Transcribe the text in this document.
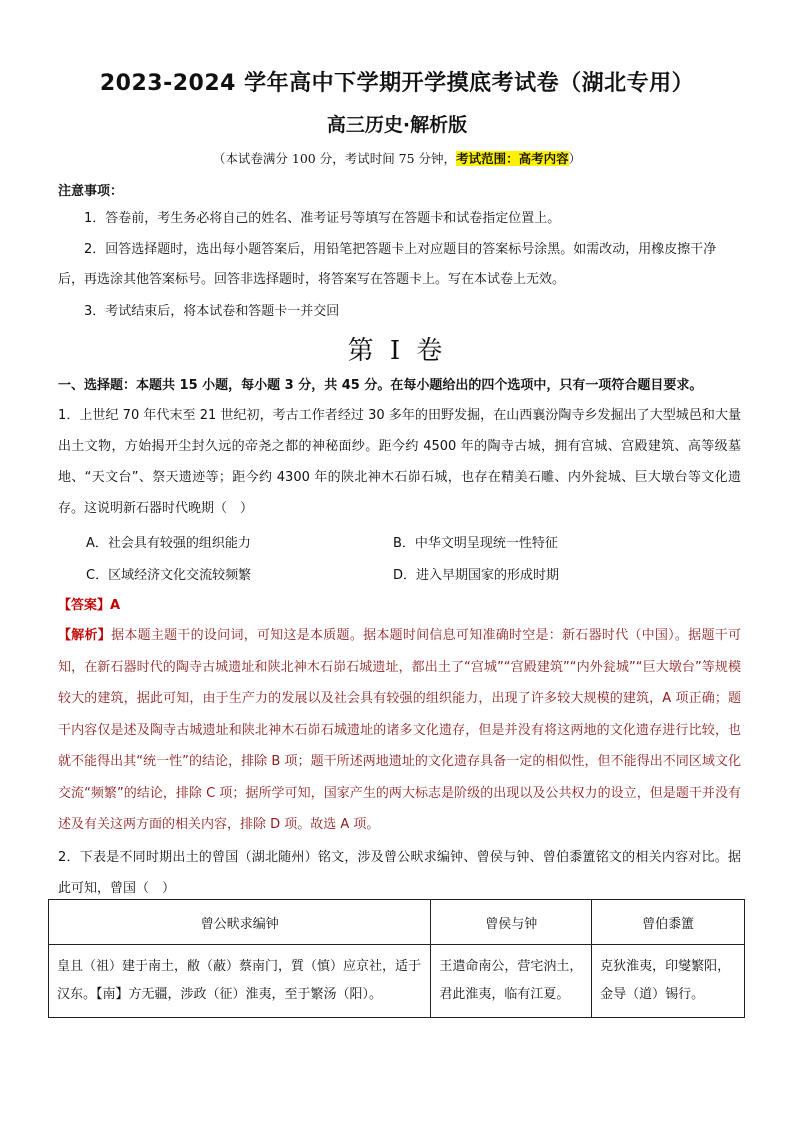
2023-2024 学年高中下学期开学摸底考试卷（湖北专用）
高三历史·解析版
（本试卷满分 100 分，考试时间 75 分钟，考试范围：高考内容）
注意事项：
1．答卷前，考生务必将自己的姓名、准考证号等填写在答题卡和试卷指定位置上。
2．回答选择题时，选出每小题答案后，用铅笔把答题卡上对应题目的答案标号涂黑。如需改动，用橡皮擦干净后，再选涂其他答案标号。回答非选择题时，将答案写在答题卡上。写在本试卷上无效。
3．考试结束后，将本试卷和答题卡一并交回
第 I 卷
一、选择题：本题共 15 小题，每小题 3 分，共 45 分。在每小题给出的四个选项中，只有一项符合题目要求。
1．上世纪 70 年代末至 21 世纪初，考古工作者经过 30 多年的田野发掘，在山西襄汾陶寺乡发掘出了大型城邑和大量出土文物，方始揭开尘封久远的帝尧之都的神秘面纱。距今约 4500 年的陶寺古城，拥有宫城、宫殿建筑、高等级墓地、“天文台”、祭天遗迹等；距今约 4300 年的陕北神木石峁石城，也存在精美石雕、内外瓮城、巨大墩台等文化遗存。这说明新石器时代晚期（　）
A．社会具有较强的组织能力	B．中华文明呈现统一性特征
C．区域经济文化交流较频繁	D．进入早期国家的形成时期
【答案】A
【解析】据本题主题干的设问词，可知这是本质题。据本题时间信息可知准确时空是：新石器时代（中国）。据题干可知，在新石器时代的陶寺古城遗址和陕北神木石峁石城遗址，都出土了“宫城”“宫殿建筑”“内外瓮城”“巨大墩台”等规模较大的建筑，据此可知，由于生产力的发展以及社会具有较强的组织能力，出现了许多较大规模的建筑，A 项正确；题干内容仅是述及陶寺古城遗址和陕北神木石峁石城遗址的诸多文化遗存，但是并没有将这两地的文化遗存进行比较，也就不能得出其“统一性”的结论，排除 B 项；题干所述两地遗址的文化遗存具备一定的相似性，但不能得出不同区域文化交流“频繁”的结论，排除 C 项；据所学可知，国家产生的两大标志是阶级的出现以及公共权力的设立，但是题干并没有述及有关这两方面的相关内容，排除 D 项。故选 A 项。
2．下表是不同时期出土的曾国（湖北随州）铭文，涉及曾公畎求编钟、曾侯与钟、曾伯黍簠铭文的相关内容对比。据此可知，曾国（　）
曾公畎求编钟	曾侯与钟	曾伯黍簠
皇且（祖）建于南土，敝（蔽）蔡南门，質（慎）应京社，适于汉东。【南】方无疆，涉政（征）淮夷，至于繁汤（阳）。	王遣命南公，营宅汭土，君此淮夷，临有江夏。	克狄淮夷，印燮繁阳，金导（道）锡行。
